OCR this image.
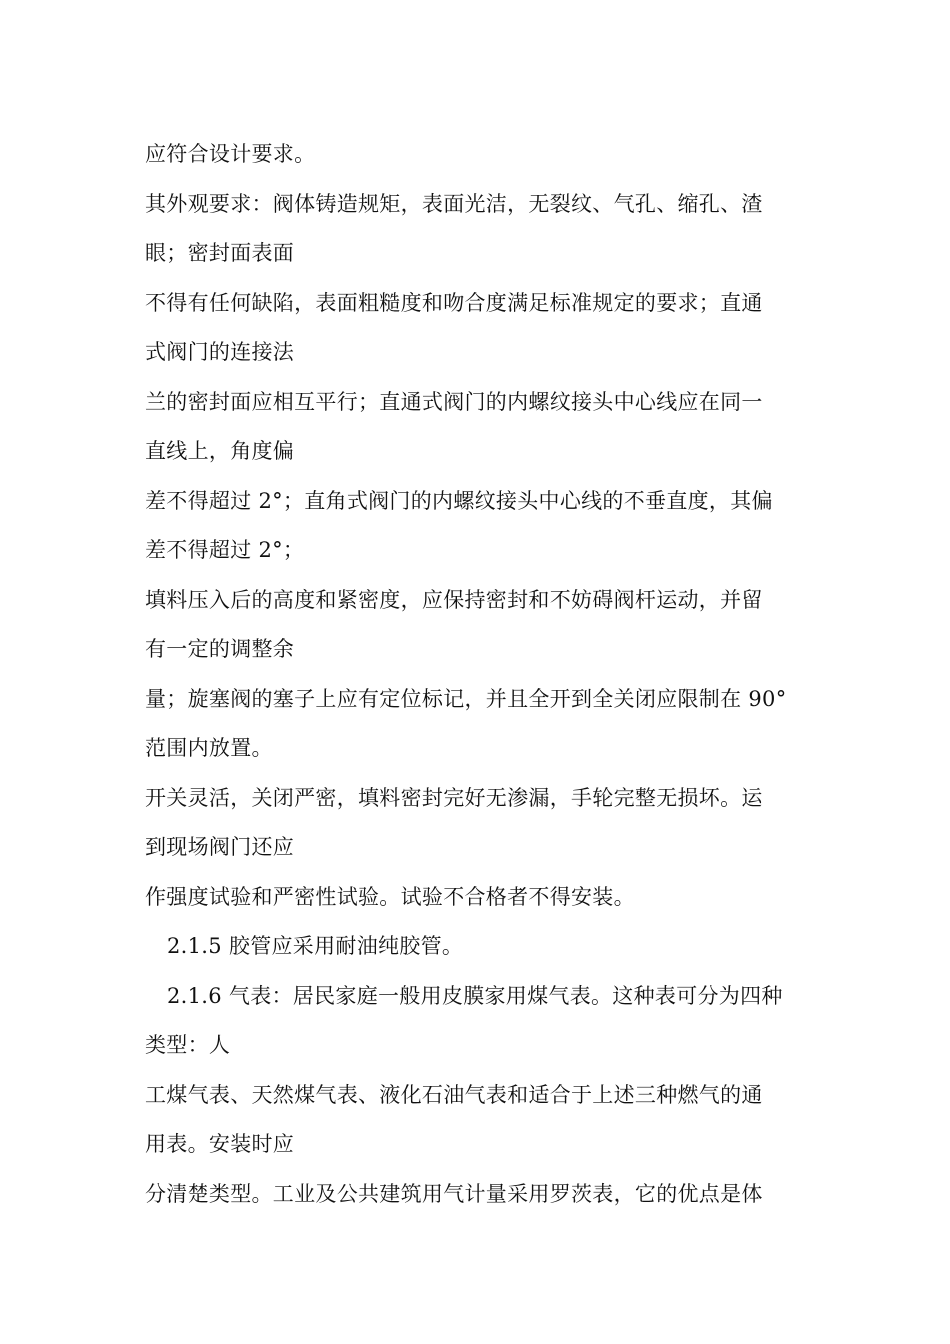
应符合设计要求。
其外观要求：阀体铸造规矩，表面光洁，无裂纹、气孔、缩孔、渣
眼；密封面表面
不得有任何缺陷，表面粗糙度和吻合度满足标准规定的要求；直通
式阀门的连接法
兰的密封面应相互平行；直通式阀门的内螺纹接头中心线应在同一
直线上，角度偏
差不得超过 2°；直角式阀门的内螺纹接头中心线的不垂直度，其偏
差不得超过 2°；
填料压入后的高度和紧密度，应保持密封和不妨碍阀杆运动，并留
有一定的调整余
量；旋塞阀的塞子上应有定位标记，并且全开到全关闭应限制在 90°
范围内放置。
开关灵活，关闭严密，填料密封完好无渗漏，手轮完整无损坏。运
到现场阀门还应
作强度试验和严密性试验。试验不合格者不得安装。
2.1.5 胶管应采用耐油纯胶管。
2.1.6 气表：居民家庭一般用皮膜家用煤气表。这种表可分为四种
类型：人
工煤气表、天然煤气表、液化石油气表和适合于上述三种燃气的通
用表。安装时应
分清楚类型。工业及公共建筑用气计量采用罗茨表，它的优点是体
